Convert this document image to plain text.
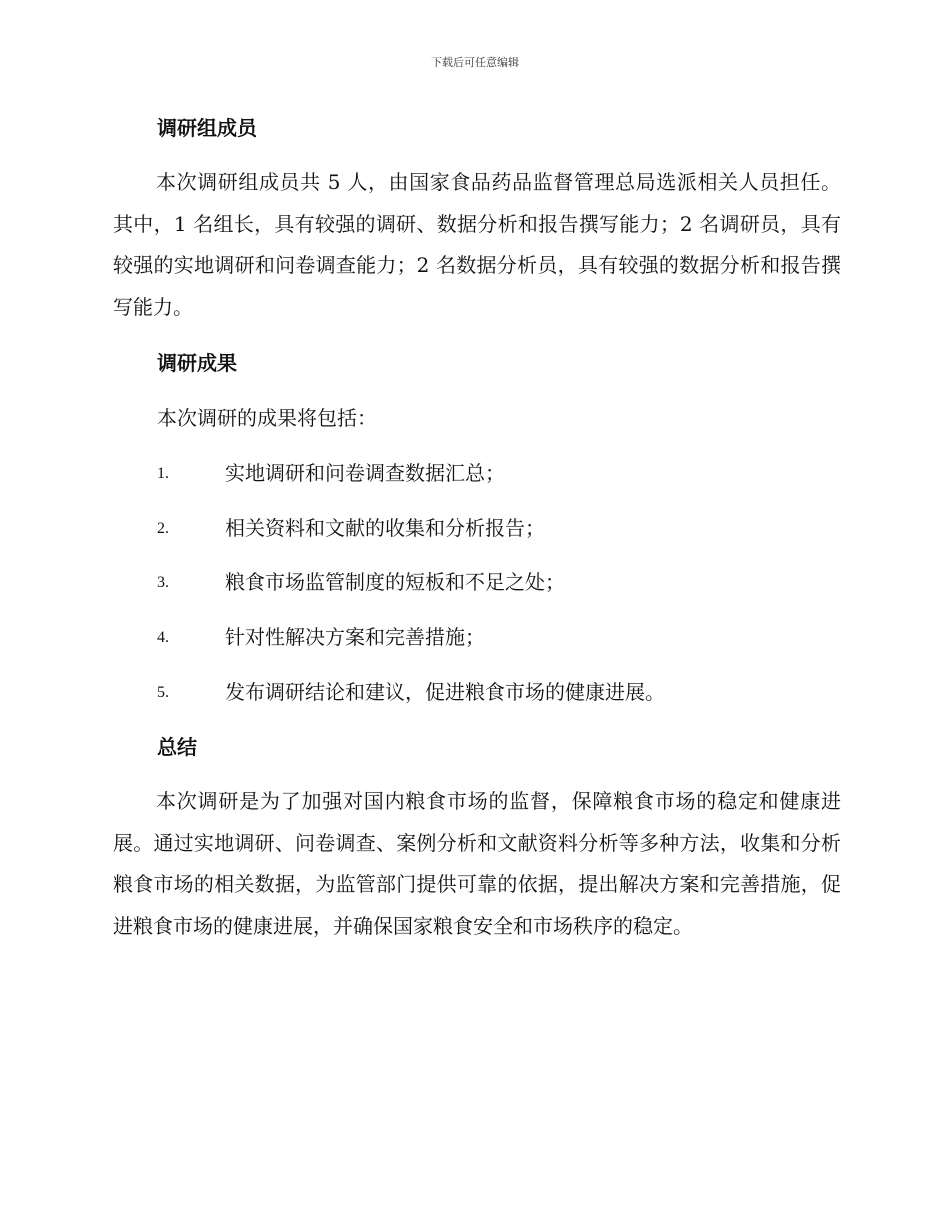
下载后可任意编辑
调研组成员

本次调研组成员共 5 人，由国家食品药品监督管理总局选派相关人员担任。其中，1 名组长，具有较强的调研、数据分析和报告撰写能力；2 名调研员，具有较强的实地调研和问卷调查能力；2 名数据分析员，具有较强的数据分析和报告撰写能力。

调研成果

本次调研的成果将包括：

1.	实地调研和问卷调查数据汇总；
2.	相关资料和文献的收集和分析报告；
3.	粮食市场监管制度的短板和不足之处；
4.	针对性解决方案和完善措施；
5.	发布调研结论和建议，促进粮食市场的健康进展。
总结

本次调研是为了加强对国内粮食市场的监督，保障粮食市场的稳定和健康进展。通过实地调研、问卷调查、案例分析和文献资料分析等多种方法，收集和分析粮食市场的相关数据，为监管部门提供可靠的依据，提出解决方案和完善措施，促进粮食市场的健康进展，并确保国家粮食安全和市场秩序的稳定。
